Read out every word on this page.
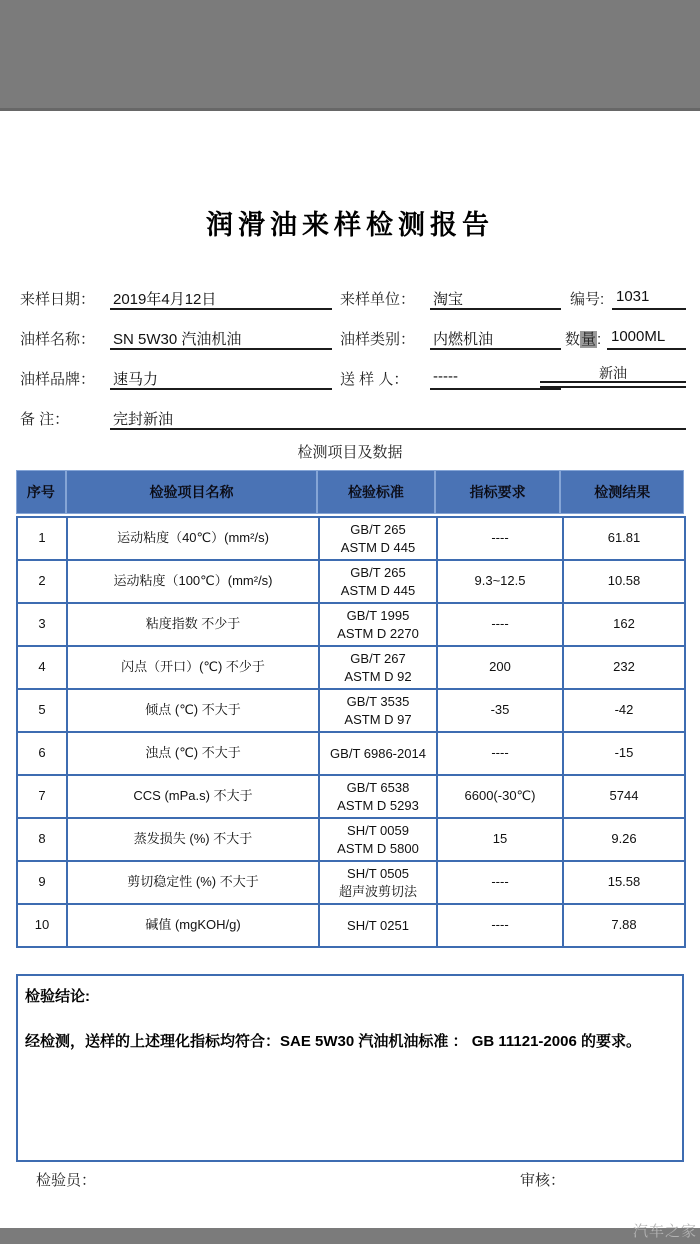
润滑油来样检测报告
来样日期： 2019年4月12日	来样单位： 淘宝	编号: 1031
油样名称： SN 5W30 汽油机油	油样类别： 内燃机油	数量: 1000ML
油样品牌： 速马力	送 样 人： -----	新油
备 注：	完封新油
检测项目及数据
序号	检验项目名称	检验标准	指标要求	检测结果
1	运动粘度（40℃）(mm²/s)	GB/T 265
ASTM D 445	----	61.81
2	运动粘度（100℃）(mm²/s)	GB/T 265
ASTM D 445	9.3~12.5	10.58
3	粘度指数 不少于	GB/T 1995
ASTM D 2270	----	162
4	闪点（开口）(℃) 不少于	GB/T 267
ASTM D 92	200	232
5	倾点 (℃) 不大于	GB/T 3535
ASTM D 97	-35	-42
6	浊点 (℃) 不大于	GB/T 6986-2014	----	-15
7	CCS (mPa.s) 不大于	GB/T 6538
ASTM D 5293	6600(-30℃)	5744
8	蒸发损失 (%) 不大于	SH/T 0059
ASTM D 5800	15	9.26
9	剪切稳定性 (%) 不大于	SH/T 0505
超声波剪切法	----	15.58
10	碱值 (mgKOH/g)	SH/T 0251	----	7.88
检验结论:
经检测，送样的上述理化指标均符合：SAE 5W30 汽油机油标准 ： GB 11121-2006 的要求。
检验员：	审核：
汽车之家
